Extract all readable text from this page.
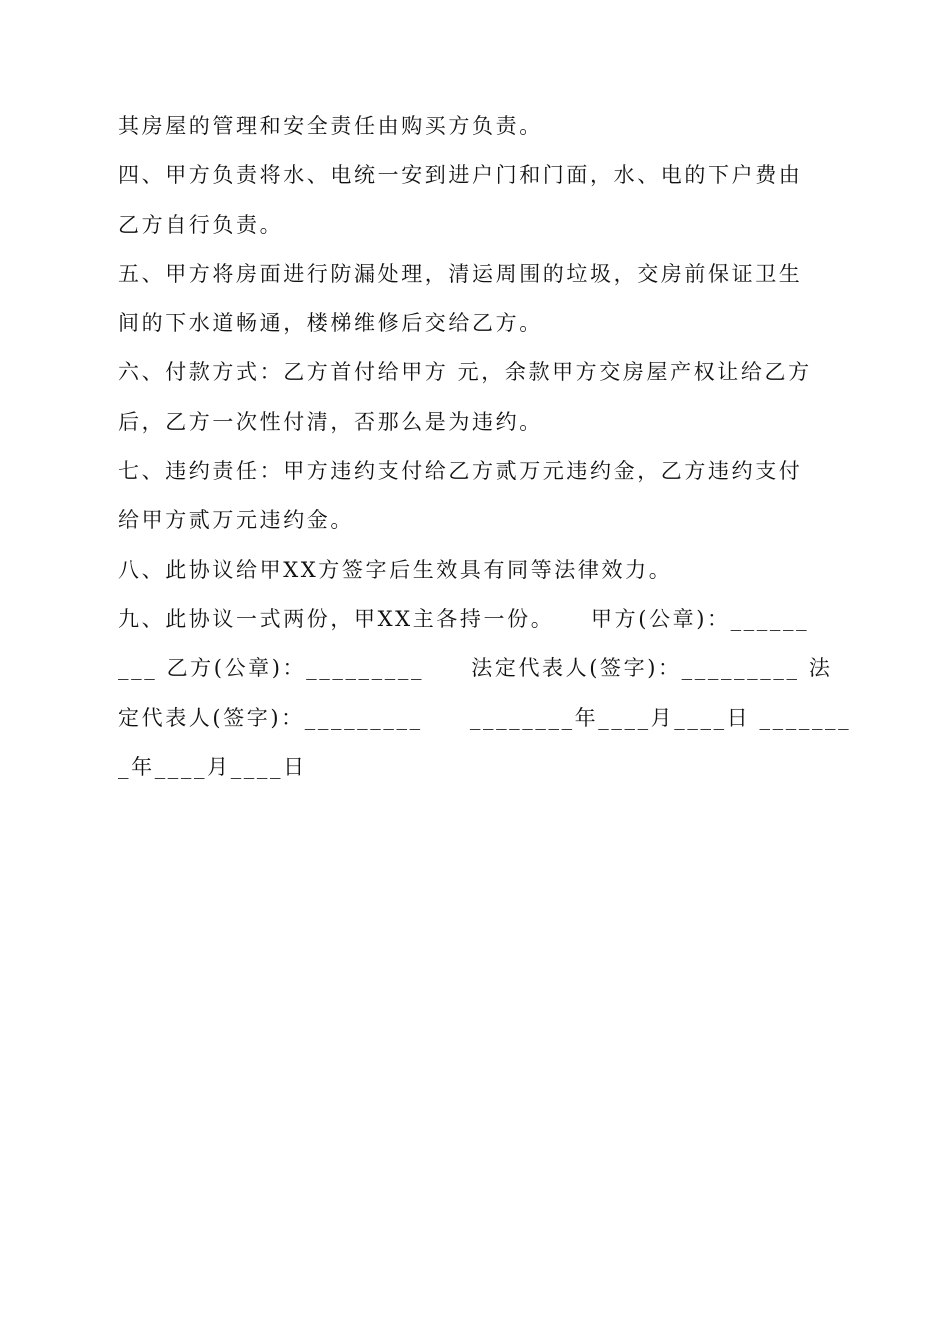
其房屋的管理和安全责任由购买方负责。
四、甲方负责将水、电统一安到进户门和门面，水、电的下户费由
乙方自行负责。
五、甲方将房面进行防漏处理，清运周围的垃圾，交房前保证卫生
间的下水道畅通，楼梯维修后交给乙方。
六、付款方式：乙方首付给甲方 元，余款甲方交房屋产权让给乙方
后，乙方一次性付清，否那么是为违约。
七、违约责任：甲方违约支付给乙方贰万元违约金，乙方违约支付
给甲方贰万元违约金。
八、此协议给甲XX方签字后生效具有同等法律效力。
九、此协议一式两份，甲XX主各持一份。　　甲方(公章)：______
___ 乙方(公章)：_________　　法定代表人(签字)：_________ 法
定代表人(签字)：_________　　________年____月____日 _______
_年____月____日
